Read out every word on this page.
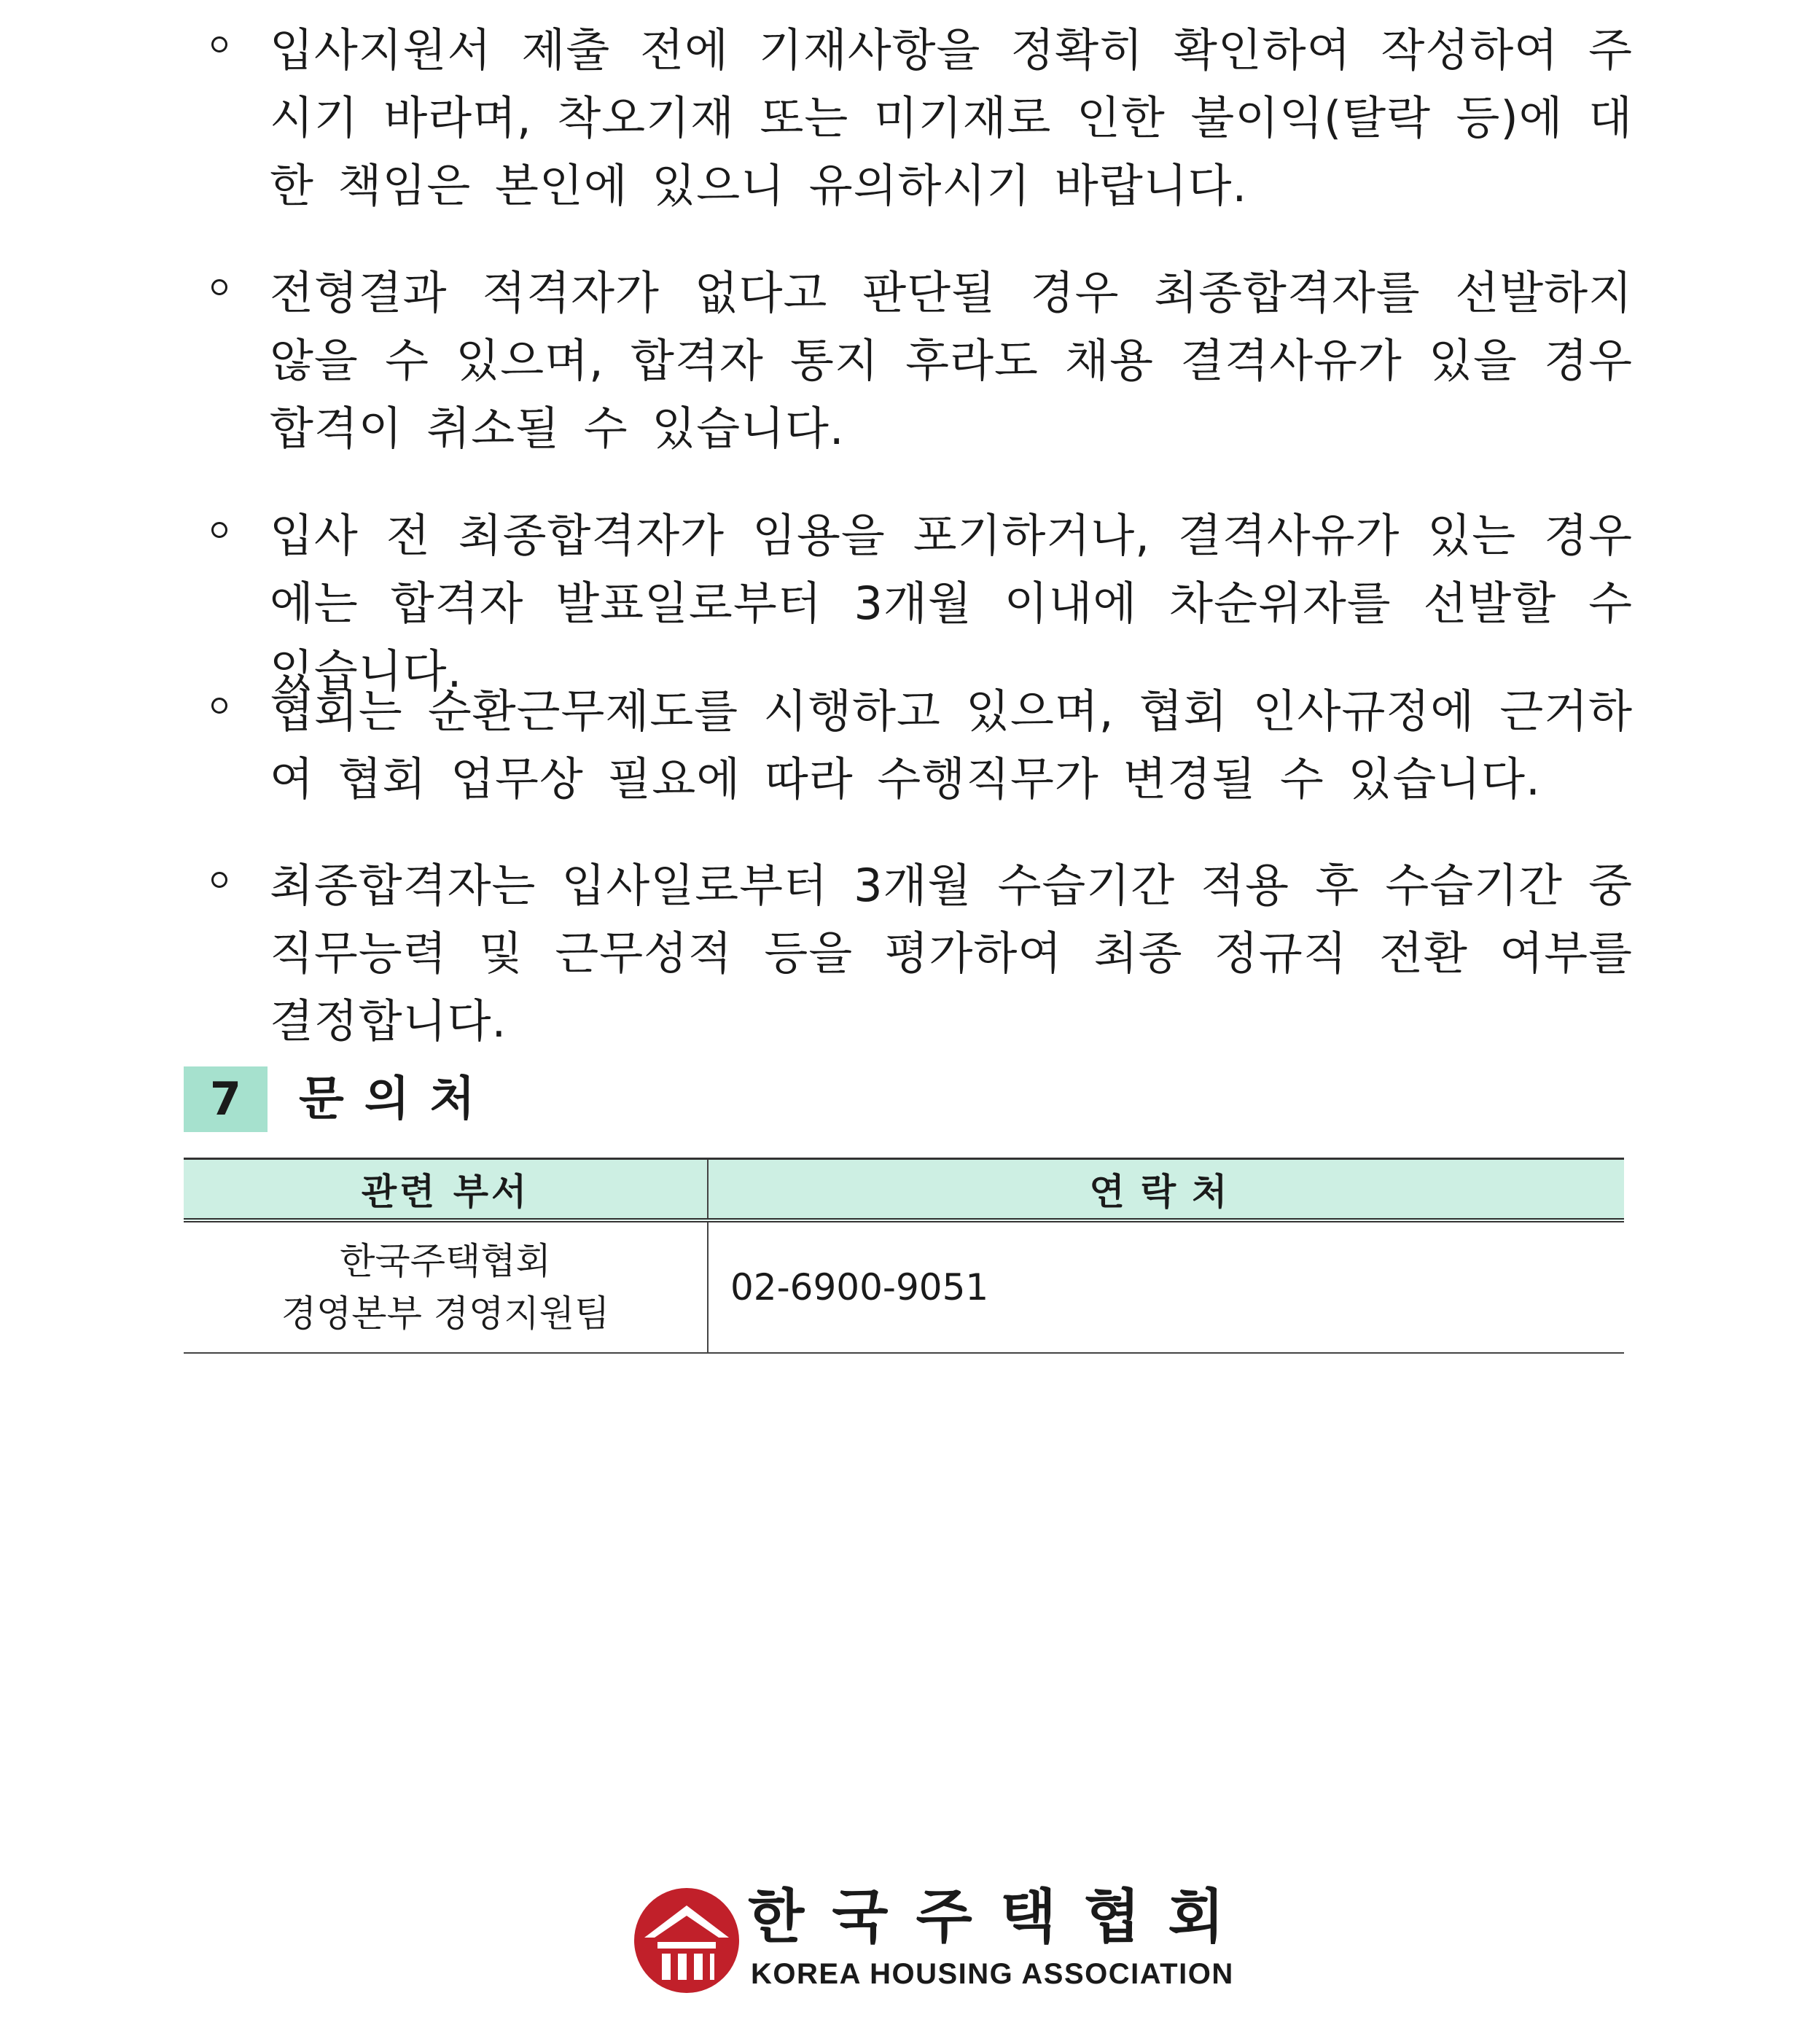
입사지원서 제출 전에 기재사항을 정확히 확인하여 작성하여 주시기 바라며, 착오기재 또는 미기재로 인한 불이익(탈락 등)에 대한 책임은 본인에 있으니 유의하시기 바랍니다.
전형결과 적격자가 없다고 판단될 경우 최종합격자를 선발하지 않을 수 있으며, 합격자 통지 후라도 채용 결격사유가 있을 경우 합격이 취소될 수 있습니다.
입사 전 최종합격자가 임용을 포기하거나, 결격사유가 있는 경우에는 합격자 발표일로부터 3개월 이내에 차순위자를 선발할 수 있습니다.
협회는 순환근무제도를 시행하고 있으며, 협회 인사규정에 근거하여 협회 업무상 필요에 따라 수행직무가 변경될 수 있습니다.
최종합격자는 입사일로부터 3개월 수습기간 적용 후 수습기간 중 직무능력 및 근무성적 등을 평가하여 최종 정규직 전환 여부를 결정합니다.
7	문의처
관련 부서	연락처

한국주택협회
경영본부 경영지원팀	02-6900-9051
한국주택협회
KOREA HOUSING ASSOCIATION
